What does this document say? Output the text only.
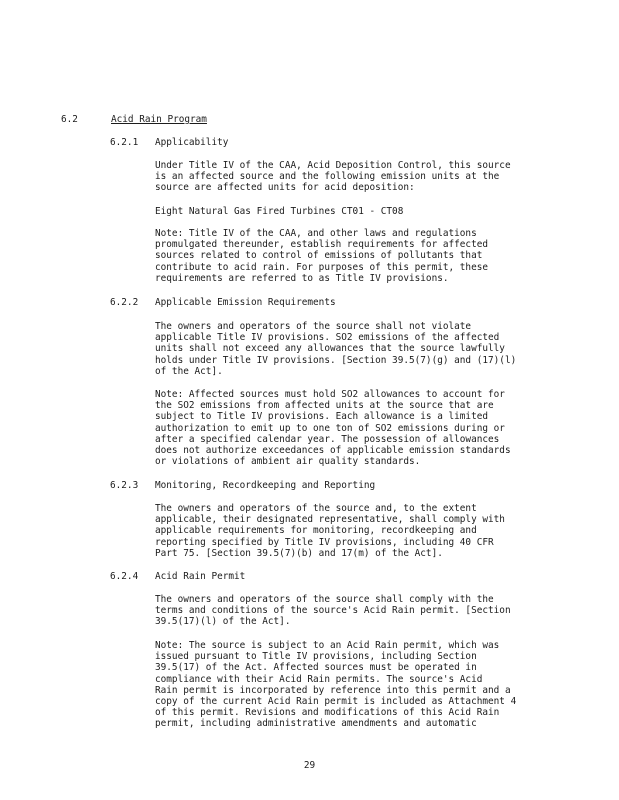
6.2	Acid Rain Program
6.2.1 Applicability
Under Title IV of the CAA, Acid Deposition Control, this source
is an affected source and the following emission units at the
source are affected units for acid deposition:
Eight Natural Gas Fired Turbines CT01 - CT08
Note: Title IV of the CAA, and other laws and regulations
promulgated thereunder, establish requirements for affected
sources related to control of emissions of pollutants that
contribute to acid rain. For purposes of this permit, these
requirements are referred to as Title IV provisions.
6.2.2 Applicable Emission Requirements
The owners and operators of the source shall not violate
applicable Title IV provisions. SO2 emissions of the affected
units shall not exceed any allowances that the source lawfully
holds under Title IV provisions. [Section 39.5(7)(g) and (17)(l)
of the Act].
Note: Affected sources must hold SO2 allowances to account for
the SO2 emissions from affected units at the source that are
subject to Title IV provisions. Each allowance is a limited
authorization to emit up to one ton of SO2 emissions during or
after a specified calendar year. The possession of allowances
does not authorize exceedances of applicable emission standards
or violations of ambient air quality standards.
6.2.3 Monitoring, Recordkeeping and Reporting
The owners and operators of the source and, to the extent
applicable, their designated representative, shall comply with
applicable requirements for monitoring, recordkeeping and
reporting specified by Title IV provisions, including 40 CFR
Part 75. [Section 39.5(7)(b) and 17(m) of the Act].
6.2.4 Acid Rain Permit
The owners and operators of the source shall comply with the
terms and conditions of the source's Acid Rain permit. [Section
39.5(17)(l) of the Act].
Note: The source is subject to an Acid Rain permit, which was
issued pursuant to Title IV provisions, including Section
39.5(17) of the Act. Affected sources must be operated in
compliance with their Acid Rain permits. The source's Acid
Rain permit is incorporated by reference into this permit and a
copy of the current Acid Rain permit is included as Attachment 4
of this permit. Revisions and modifications of this Acid Rain
permit, including administrative amendments and automatic
29
